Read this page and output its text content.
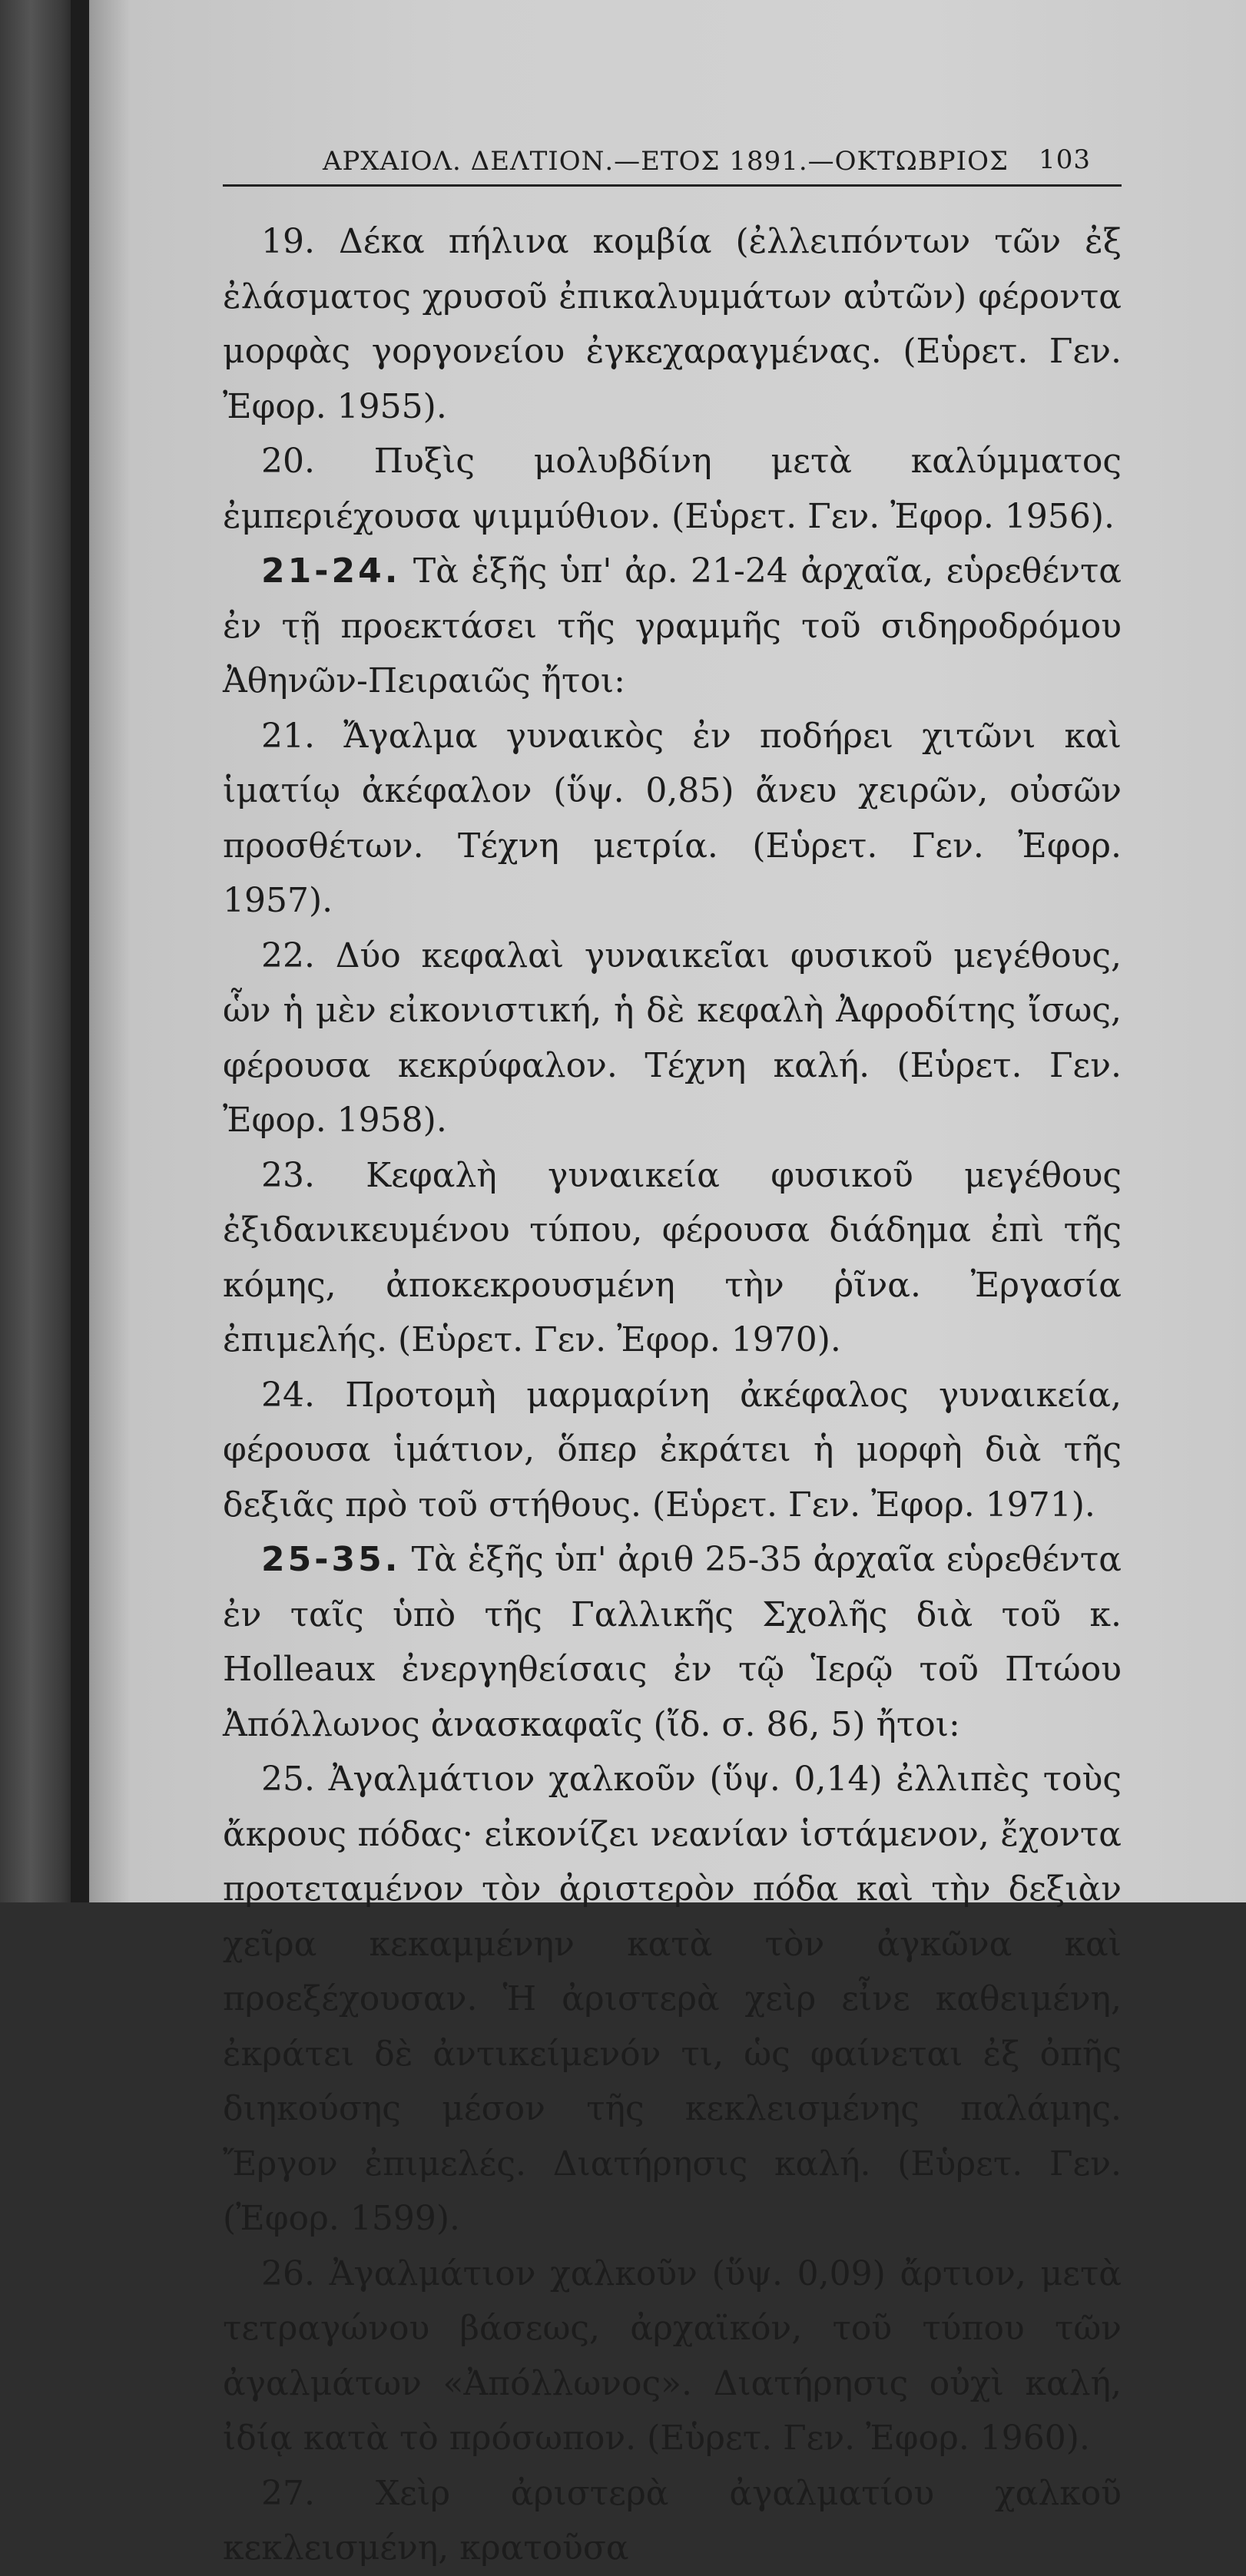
ΑΡΧΑΙΟΛ. ΔΕΛΤΙΟΝ.—ΕΤΟΣ 1891.—ΟΚΤΩΒΡΙΟΣ 103

19. Δέκα πήλινα κομβία (ἐλλειπόντων τῶν ἐξ ἐλάσματος χρυσοῦ ἐπικαλυμμάτων αὐτῶν) φέροντα μορφὰς γοργονείου ἐγκεχαραγμένας. (Εὑρετ. Γεν. Ἐφορ. 1955).

20. Πυξὶς μολυβδίνη μετὰ καλύμματος ἐμπεριέχουσα ψιμμύθιον. (Εὑρετ. Γεν. Ἐφορ. 1956).

21-24. Τὰ ἑξῆς ὑπ' ἀρ. 21-24 ἀρχαῖα, εὑρεθέντα ἐν τῇ προεκτάσει τῆς γραμμῆς τοῦ σιδηροδρόμου Ἀθηνῶν-Πειραιῶς ἤτοι:

21. Ἄγαλμα γυναικὸς ἐν ποδήρει χιτῶνι καὶ ἱματίῳ ἀκέφαλον (ὕψ. 0,85) ἄνευ χειρῶν, οὐσῶν προσθέτων. Τέχνη μετρία. (Εὑρετ. Γεν. Ἐφορ. 1957).

22. Δύο κεφαλαὶ γυναικεῖαι φυσικοῦ μεγέθους, ὧν ἡ μὲν εἰκονιστική, ἡ δὲ κεφαλὴ Ἀφροδίτης ἴσως, φέρουσα κεκρύφαλον. Τέχνη καλή. (Εὑρετ. Γεν. Ἐφορ. 1958).

23. Κεφαλὴ γυναικεία φυσικοῦ μεγέθους ἐξιδανικευμένου τύπου, φέρουσα διάδημα ἐπὶ τῆς κόμης, ἀποκεκρουσμένη τὴν ῥῖνα. Ἐργασία ἐπιμελής. (Εὑρετ. Γεν. Ἐφορ. 1970).

24. Προτομὴ μαρμαρίνη ἀκέφαλος γυναικεία, φέρουσα ἱμάτιον, ὅπερ ἐκράτει ἡ μορφὴ διὰ τῆς δεξιᾶς πρὸ τοῦ στήθους. (Εὑρετ. Γεν. Ἐφορ. 1971).

25-35. Τὰ ἑξῆς ὑπ' ἀριθ 25-35 ἀρχαῖα εὑρεθέντα ἐν ταῖς ὑπὸ τῆς Γαλλικῆς Σχολῆς διὰ τοῦ κ. Holleaux ἐνεργηθείσαις ἐν τῷ Ἱερῷ τοῦ Πτώου Ἀπόλλωνος ἀνασκαφαῖς (ἴδ. σ. 86, 5) ἤτοι:

25. Ἀγαλμάτιον χαλκοῦν (ὕψ. 0,14) ἐλλιπὲς τοὺς ἄκρους πόδας· εἰκονίζει νεανίαν ἱστάμενον, ἔχοντα προτεταμένον τὸν ἀριστερὸν πόδα καὶ τὴν δεξιὰν χεῖρα κεκαμμένην κατὰ τὸν ἀγκῶνα καὶ προεξέχουσαν. Ἡ ἀριστερὰ χεὶρ εἶνε καθειμένη, ἐκράτει δὲ ἀντικείμενόν τι, ὡς φαίνεται ἐξ ὀπῆς διηκούσης μέσον τῆς κεκλεισμένης παλάμης. Ἔργον ἐπιμελές. Διατήρησις καλή. (Εὑρετ. Γεν. (Ἐφορ. 1599).

26. Ἀγαλμάτιον χαλκοῦν (ὕψ. 0,09) ἄρτιον, μετὰ τετραγώνου βάσεως, ἀρχαϊκόν, τοῦ τύπου τῶν ἀγαλμάτων «Ἀπόλλωνος». Διατήρησις οὐχὶ καλή, ἰδίᾳ κατὰ τὸ πρόσωπον. (Εὑρετ. Γεν. Ἐφορ. 1960).

27. Χεὶρ ἀριστερὰ ἀγαλματίου χαλκοῦ κεκλεισμένη, κρατοῦσα
